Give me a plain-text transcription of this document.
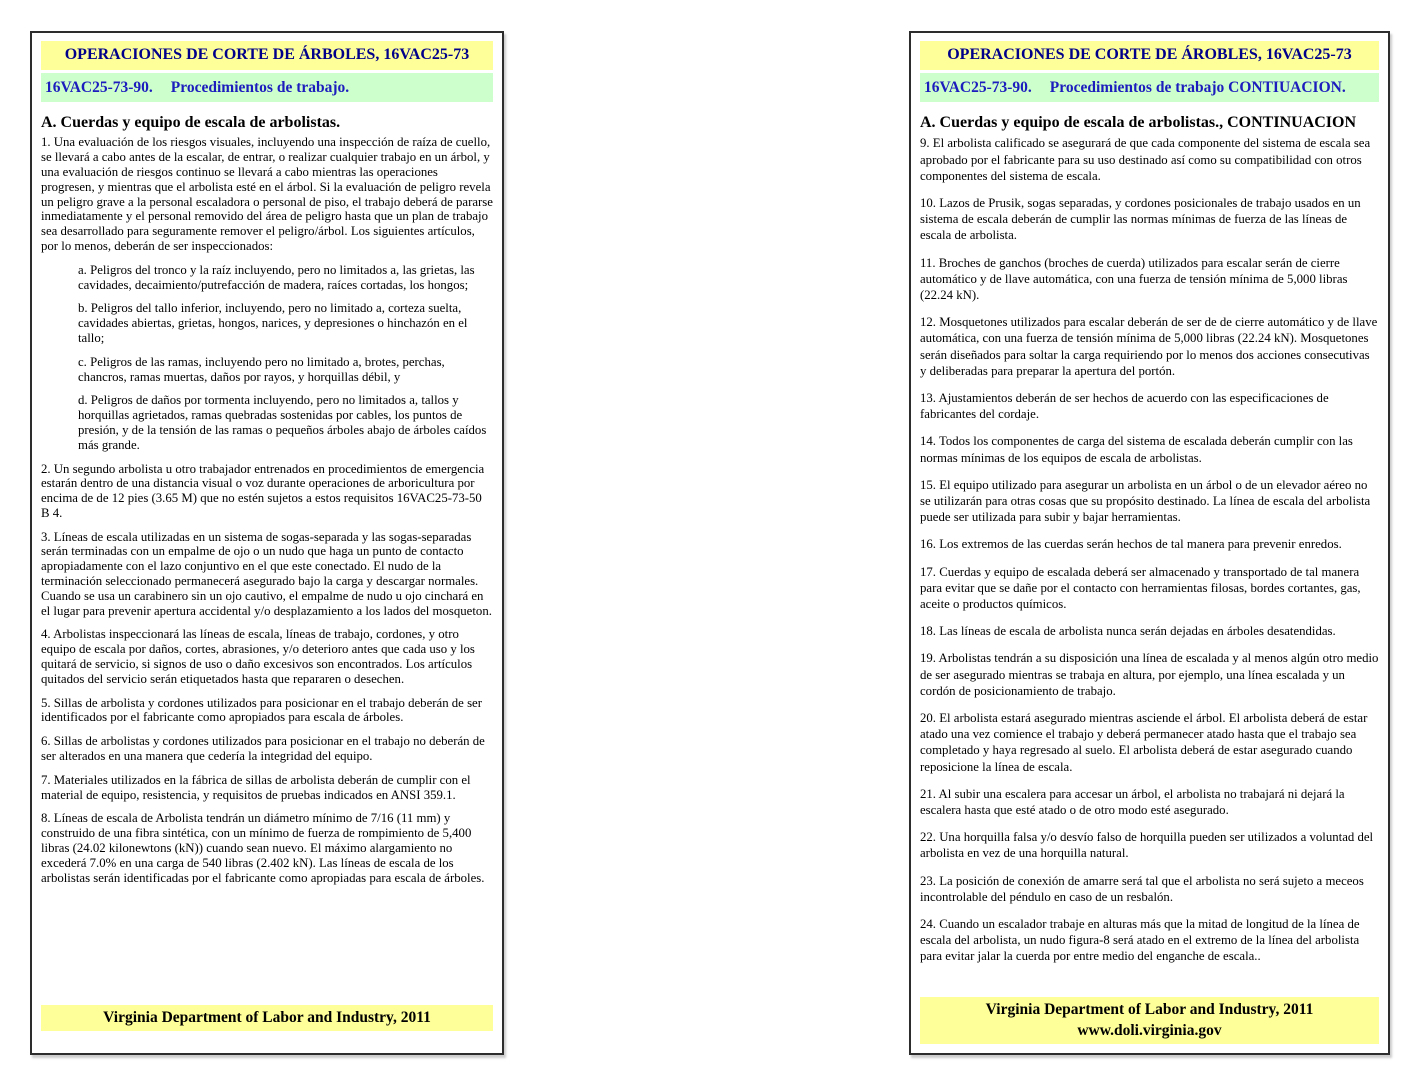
OPERACIONES DE CORTE DE ÁRBOLES, 16VAC25-73
16VAC25-73-90. Procedimientos de trabajo.
A. Cuerdas y equipo de escala de arbolistas.

1. Una evaluación de los riesgos visuales, incluyendo una inspección de raíza de cuello, se llevará a cabo antes de la escalar, de entrar, o realizar cualquier trabajo en un árbol, y una evaluación de riesgos continuo se llevará a cabo mientras las operaciones progresen, y mientras que el arbolista esté en el árbol. Si la evaluación de peligro revela un peligro grave a la personal escaladora o personal de piso, el trabajo deberá de pararse inmediatamente y el personal removido del área de peligro hasta que un plan de trabajo sea desarrollado para seguramente remover el peligro/árbol. Los siguientes artículos, por lo menos, deberán de ser inspeccionados:

a. Peligros del tronco y la raíz incluyendo, pero no limitados a, las grietas, las cavidades, decaimiento/putrefacción de madera, raíces cortadas, los hongos;

b. Peligros del tallo inferior, incluyendo, pero no limitado a, corteza suelta, cavidades abiertas, grietas, hongos, narices, y depresiones o hinchazón en el tallo;

c. Peligros de las ramas, incluyendo pero no limitado a, brotes, perchas, chancros, ramas muertas, daños por rayos, y horquillas débil, y

d. Peligros de daños por tormenta incluyendo, pero no limitados a, tallos y horquillas agrietados, ramas quebradas sostenidas por cables, los puntos de presión, y de la tensión de las ramas o pequeños árboles abajo de árboles caídos más grande.

2. Un segundo arbolista u otro trabajador entrenados en procedimientos de emergencia estarán dentro de una distancia visual o voz durante operaciones de arboricultura por encima de de 12 pies (3.65 M) que no estén sujetos a estos requisitos 16VAC25-73-50 B 4.

3. Líneas de escala utilizadas en un sistema de sogas-separada y las sogas-separadas serán terminadas con un empalme de ojo o un nudo que haga un punto de contacto apropiadamente con el lazo conjuntivo en el que este conectado. El nudo de la terminación seleccionado permanecerá asegurado bajo la carga y descargar normales. Cuando se usa un carabinero sin un ojo cautivo, el empalme de nudo u ojo cinchará en el lugar para prevenir apertura accidental y/o desplazamiento a los lados del mosqueton.

4. Arbolistas inspeccionará las líneas de escala, líneas de trabajo, cordones, y otro equipo de escala por daños, cortes, abrasiones, y/o deterioro antes que cada uso y los quitará de servicio, si signos de uso o daño excesivos son encontrados. Los artículos quitados del servicio serán etiquetados hasta que repararen o desechen.

5. Sillas de arbolista y cordones utilizados para posicionar en el trabajo deberán de ser identificados por el fabricante como apropiados para escala de árboles.

6. Sillas de arbolistas y cordones utilizados para posicionar en el trabajo no deberán de ser alterados en una manera que cedería la integridad del equipo.

7. Materiales utilizados en la fábrica de sillas de arbolista deberán de cumplir con el material de equipo, resistencia, y requisitos de pruebas indicados en ANSI 359.1.

8. Líneas de escala de Arbolista tendrán un diámetro mínimo de 7/16 (11 mm) y construido de una fibra sintética, con un mínimo de fuerza de rompimiento de 5,400 libras (24.02 kilonewtons (kN)) cuando sean nuevo. El máximo alargamiento no excederá 7.0% en una carga de 540 libras (2.402 kN). Las líneas de escala de los arbolistas serán identificadas por el fabricante como apropiadas para escala de árboles.

Virginia Department of Labor and Industry, 2011
OPERACIONES DE CORTE DE ÁROBLES, 16VAC25-73
16VAC25-73-90. Procedimientos de trabajo CONTIUACION.
A. Cuerdas y equipo de escala de arbolistas., CONTINUACION

9. El arbolista calificado se asegurará de que cada componente del sistema de escala sea aprobado por el fabricante para su uso destinado así como su compatibilidad con otros componentes del sistema de escala.

10. Lazos de Prusik, sogas separadas, y cordones posicionales de trabajo usados en un sistema de escala deberán de cumplir las normas mínimas de fuerza de las líneas de escala de arbolista.

11. Broches de ganchos (broches de cuerda) utilizados para escalar serán de cierre automático y de llave automática, con una fuerza de tensión mínima de 5,000 libras (22.24 kN).

12. Mosquetones utilizados para escalar deberán de ser de de cierre automático y de llave automática, con una fuerza de tensión mínima de 5,000 libras (22.24 kN). Mosquetones serán diseñados para soltar la carga requiriendo por lo menos dos acciones consecutivas y deliberadas para preparar la apertura del portón.

13. Ajustamientos deberán de ser hechos de acuerdo con las especificaciones de fabricantes del cordaje.

14. Todos los componentes de carga del sistema de escalada deberán cumplir con las normas mínimas de los equipos de escala de arbolistas.

15. El equipo utilizado para asegurar un arbolista en un árbol o de un elevador aéreo no se utilizarán para otras cosas que su propósito destinado. La línea de escala del arbolista puede ser utilizada para subir y bajar herramientas.

16. Los extremos de las cuerdas serán hechos de tal manera para prevenir enredos.

17. Cuerdas y equipo de escalada deberá ser almacenado y transportado de tal manera para evitar que se dañe por el contacto con herramientas filosas, bordes cortantes, gas, aceite o productos químicos.

18. Las líneas de escala de arbolista nunca serán dejadas en árboles desatendidas.

19. Arbolistas tendrán a su disposición una línea de escalada y al menos algún otro medio de ser asegurado mientras se trabaja en altura, por ejemplo, una línea escalada y un cordón de posicionamiento de trabajo.

20. El arbolista estará asegurado mientras asciende el árbol. El arbolista deberá de estar atado una vez comience el trabajo y deberá permanecer atado hasta que el trabajo sea completado y haya regresado al suelo. El arbolista deberá de estar asegurado cuando reposicione la línea de escala.

21. Al subir una escalera para accesar un árbol, el arbolista no trabajará ni dejará la escalera hasta que esté atado o de otro modo esté asegurado.

22. Una horquilla falsa y/o desvío falso de horquilla pueden ser utilizados a voluntad del arbolista en vez de una horquilla natural.

23. La posición de conexión de amarre será tal que el arbolista no será sujeto a meceos incontrolable del péndulo en caso de un resbalón.

24. Cuando un escalador trabaje en alturas más que la mitad de longitud de la línea de escala del arbolista, un nudo figura-8 será atado en el extremo de la línea del arbolista para evitar jalar la cuerda por entre medio del enganche de escala..

Virginia Department of Labor and Industry, 2011
www.doli.virginia.gov
